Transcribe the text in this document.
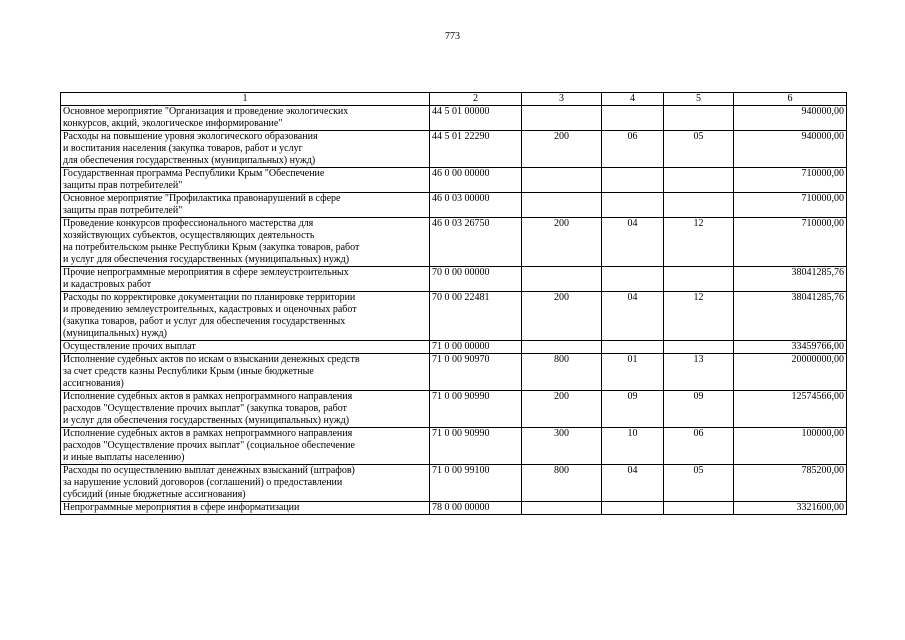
773
1	2	3	4	5	6

Основное мероприятие "Организация и проведение экологических
конкурсов, акций, экологическое информирование"	44 5 01 00000				940000,00

Расходы на повышение уровня экологического образования
и воспитания населения (закупка товаров, работ и услуг
для обеспечения государственных (муниципальных) нужд)	44 5 01 22290	200	06	05	940000,00

Государственная программа Республики Крым "Обеспечение
защиты прав потребителей"	46 0 00 00000				710000,00

Основное мероприятие "Профилактика правонарушений в сфере
защиты прав потребителей"	46 0 03 00000				710000,00

Проведение конкурсов профессионального мастерства для
хозяйствующих субъектов, осуществляющих деятельность
на потребительском рынке Республики Крым (закупка товаров, работ
и услуг для обеспечения государственных (муниципальных) нужд)	46 0 03 26750	200	04	12	710000,00

Прочие непрограммные мероприятия в сфере землеустроительных
и кадастровых работ	70 0 00 00000				38041285,76

Расходы по корректировке документации по планировке территории
и проведению землеустроительных, кадастровых и оценочных работ
(закупка товаров, работ и услуг для обеспечения государственных
(муниципальных) нужд)	70 0 00 22481	200	04	12	38041285,76

Осуществление прочих выплат	71 0 00 00000				33459766,00

Исполнение судебных актов по искам о взыскании денежных средств
за счет средств казны Республики Крым (иные бюджетные
ассигнования)	71 0 00 90970	800	01	13	20000000,00

Исполнение судебных актов в рамках непрограммного направления
расходов "Осуществление прочих выплат" (закупка товаров, работ
и услуг для обеспечения государственных (муниципальных) нужд)	71 0 00 90990	200	09	09	12574566,00

Исполнение судебных актов в рамках непрограммного направления
расходов "Осуществление прочих выплат" (социальное обеспечение
и иные выплаты населению)	71 0 00 90990	300	10	06	100000,00

Расходы по осуществлению выплат денежных взысканий (штрафов)
за нарушение условий договоров (соглашений) о предоставлении
субсидий (иные бюджетные ассигнования)	71 0 00 99100	800	04	05	785200,00

Непрограммные мероприятия в сфере информатизации	78 0 00 00000				3321600,00
